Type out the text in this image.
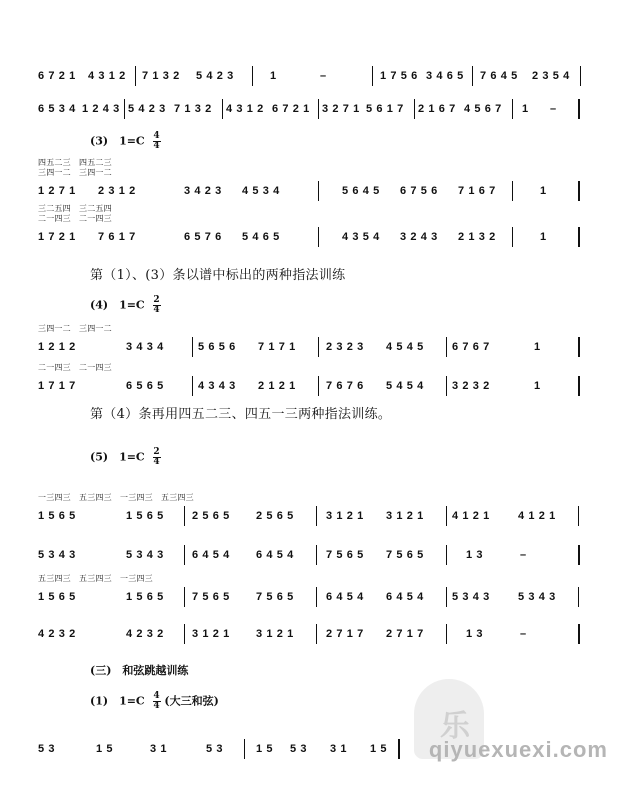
6 7 2 1 4 3 1 2 7 1 3 2 5 4 2 3	1	–	1 7 5 6 3 4 6 5 7 6 4 5 2 3 5 4
6 5 3 4 1 2 4 3 5 4 2 3 7 1 3 2 4 3 1 2 6 7 2 1 3 2 7 1 5 6 1 7 2 1 6 7 4 5 6 7 1 –
(3)　$1=C \frac{4}{4}$
四五二三　四五二三
三四一二　三四一二
1 2 7 1 2 3 1 2	3 4 2 3 4 5 3 4	5 6 4 5 6 7 5 6 7 1 6 7	1
三二五四　三二五四
二一四三　二一四三
1 7 2 1 7 6 1 7	6 5 7 6 5 4 6 5	4 3 5 4 3 2 4 3 2 1 3 2	1
第（1）、(3）条以谱中标出的两种指法训练
(4)　$1=C \frac{2}{4}$
三四一二　三四一二
1 2 1 2	3 4 3 4	5 6 5 6 7 1 7 1	2 3 2 3 4 5 4 5	6 7 6 7	1
二一四三　二一四三
1 7 1 7	6 5 6 5	4 3 4 3 2 1 2 1	7 6 7 6 5 4 5 4	3 2 3 2	1
第（4）条再用四五二三、四五一三两种指法训练。
(5)　$1=C \frac{2}{4}$
一三四三　五三四三　一三四三　五三四三
1 5 6 5	1 5 6 5	2 5 6 5 2 5 6 5	3 1 2 1 3 1 2 1	4 1 2 1	4 1 2 1
5 3 4 3	5 3 4 3	6 4 5 4 6 4 5 4	7 5 6 5 7 5 6 5	1 3	–
五三四三　五三四三　一三四三
1 5 6 5	1 5 6 5	7 5 6 5 7 5 6 5	6 4 5 4 6 4 5 4	5 3 4 3	5 3 4 3
4 2 3 2	4 2 3 2	3 1 2 1 3 1 2 1	2 7 1 7 2 7 1 7	1 3	–
(三)　和弦跳越训练
(1)　$1=C \frac{4}{4}$ (大三和弦)
5 3	1 5	3 1	5 3	1 5 5 3 3 1 1 5
乐
qiyuexuexi.com
